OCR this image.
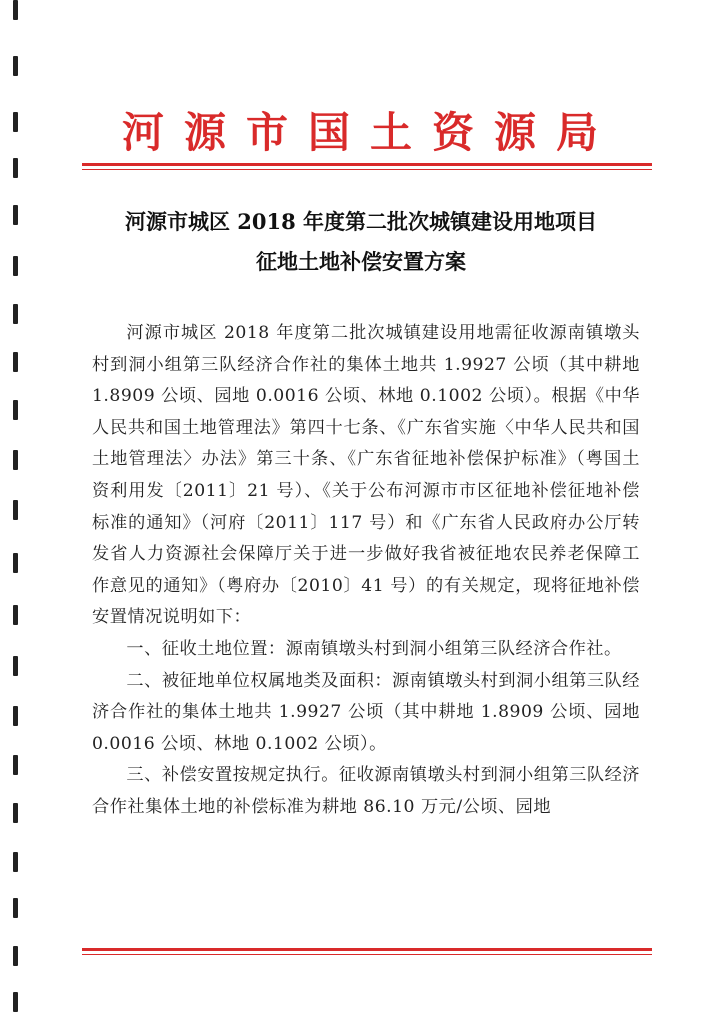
河源市国土资源局
河源市城区 2018 年度第二批次城镇建设用地项目
征地土地补偿安置方案

河源市城区 2018 年度第二批次城镇建设用地需征收源南镇墩头村到洞小组第三队经济合作社的集体土地共 1.9927 公顷（其中耕地 1.8909 公顷、园地 0.0016 公顷、林地 0.1002 公顷）。根据《中华人民共和国土地管理法》第四十七条、《广东省实施〈中华人民共和国土地管理法〉办法》第三十条、《广东省征地补偿保护标准》（粤国土资利用发〔2011〕21 号）、《关于公布河源市市区征地补偿征地补偿标准的通知》（河府〔2011〕117 号）和《广东省人民政府办公厅转发省人力资源社会保障厅关于进一步做好我省被征地农民养老保障工作意见的通知》（粤府办〔2010〕41 号）的有关规定，现将征地补偿安置情况说明如下：

一、征收土地位置：源南镇墩头村到洞小组第三队经济合作社。

二、被征地单位权属地类及面积：源南镇墩头村到洞小组第三队经济合作社的集体土地共 1.9927 公顷（其中耕地 1.8909 公顷、园地 0.0016 公顷、林地 0.1002 公顷）。

三、补偿安置按规定执行。征收源南镇墩头村到洞小组第三队经济合作社集体土地的补偿标准为耕地 86.10 万元/公顷、园地
